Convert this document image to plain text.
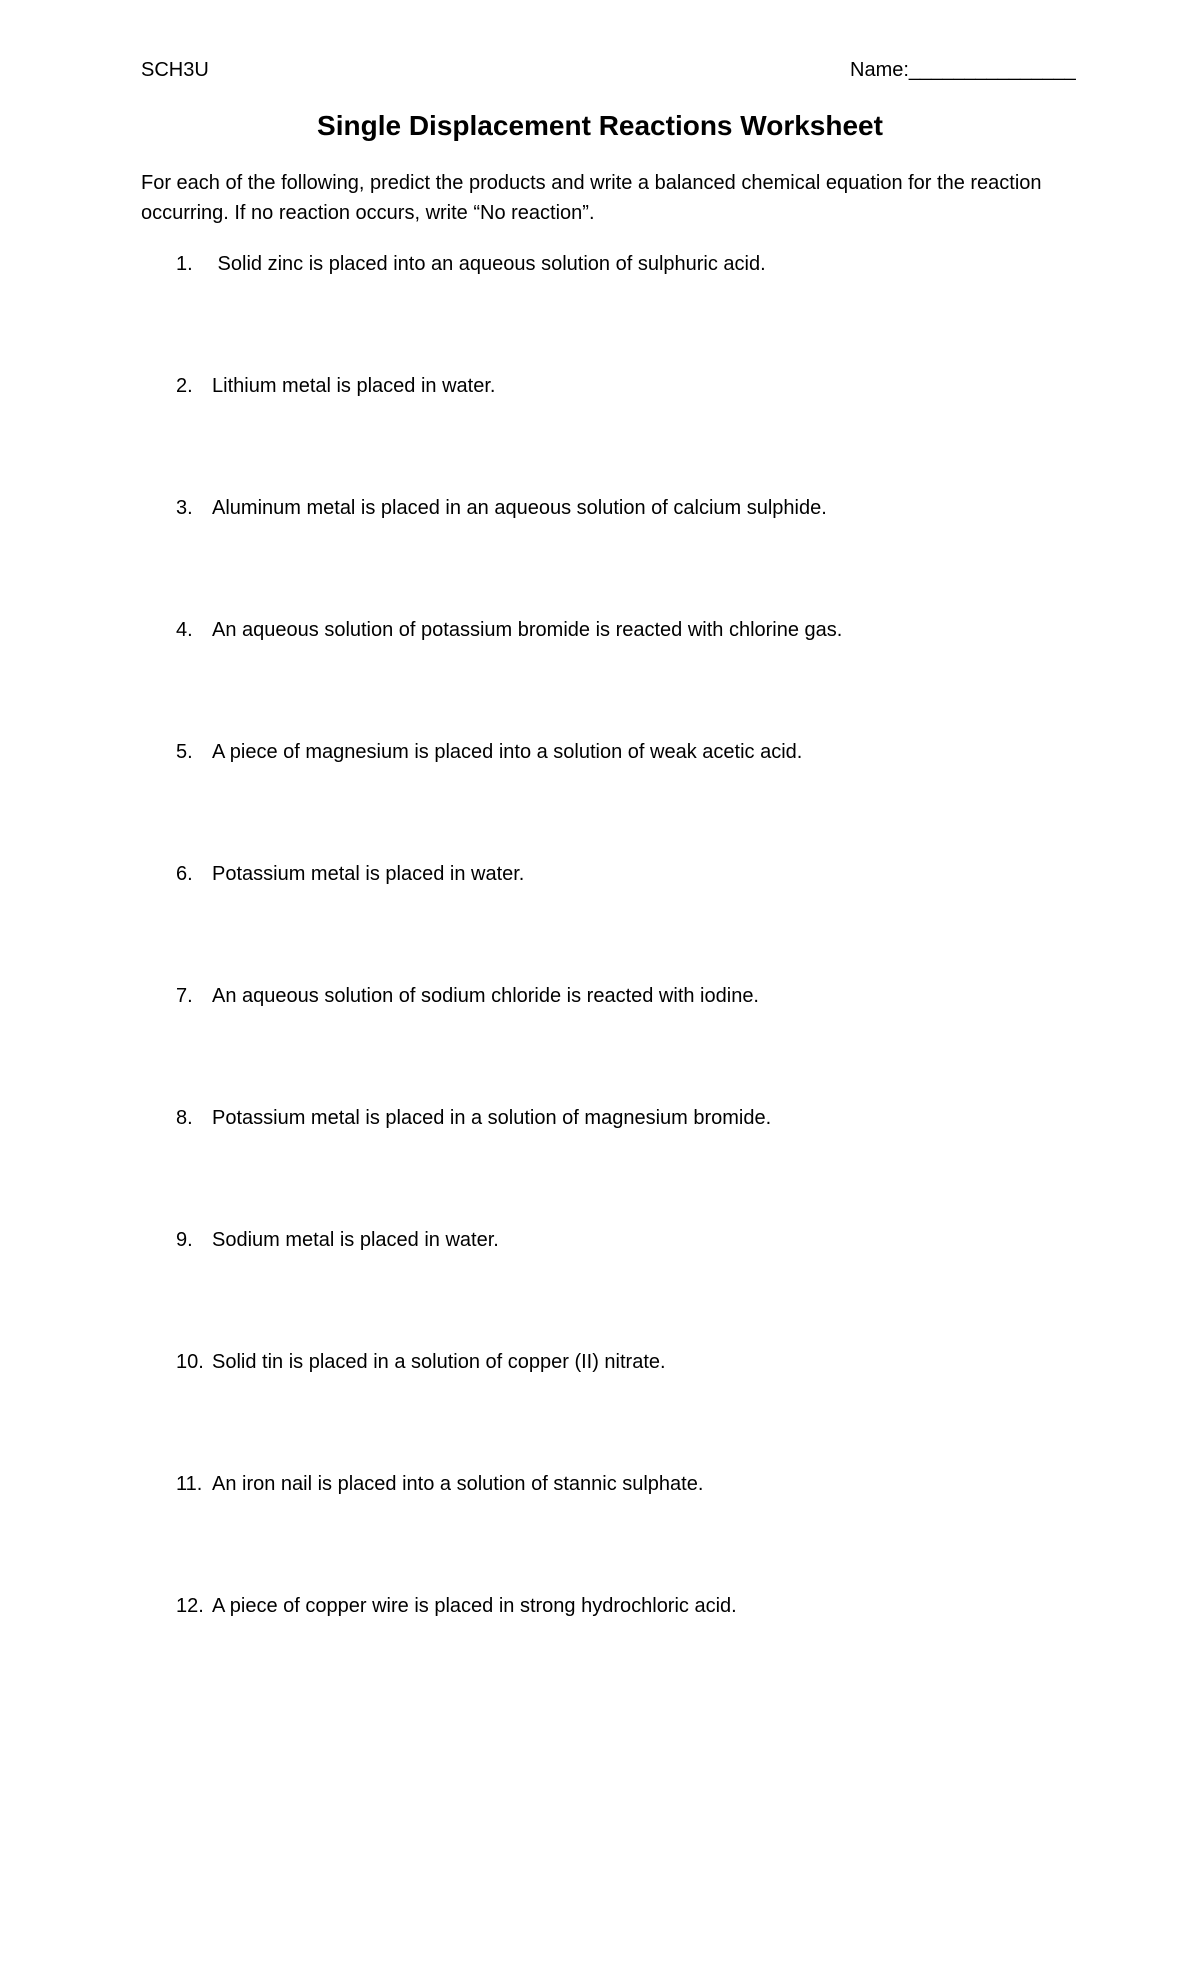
SCH3U	Name:_______________
Single Displacement Reactions Worksheet

For each of the following, predict the products and write a balanced chemical equation for the reaction occurring. If no reaction occurs, write “No reaction”.

1. Solid zinc is placed into an aqueous solution of sulphuric acid.
2. Lithium metal is placed in water.
3. Aluminum metal is placed in an aqueous solution of calcium sulphide.
4. An aqueous solution of potassium bromide is reacted with chlorine gas.
5. A piece of magnesium is placed into a solution of weak acetic acid.
6. Potassium metal is placed in water.
7. An aqueous solution of sodium chloride is reacted with iodine.
8. Potassium metal is placed in a solution of magnesium bromide.
9. Sodium metal is placed in water.
10. Solid tin is placed in a solution of copper (II) nitrate.
11. An iron nail is placed into a solution of stannic sulphate.
12. A piece of copper wire is placed in strong hydrochloric acid.
